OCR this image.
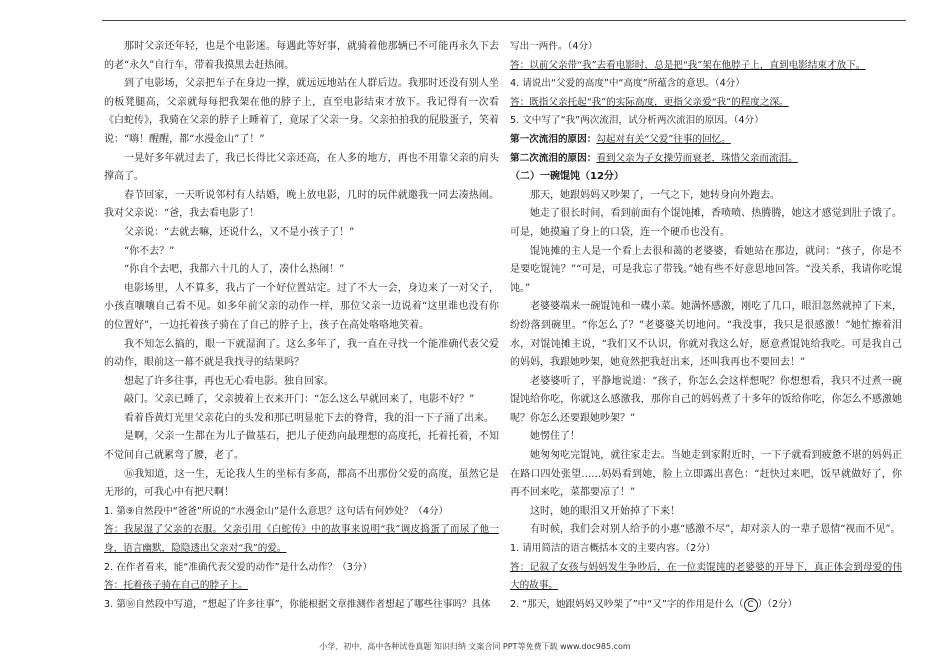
那时父亲还年轻，也是个电影迷。每遇此等好事，就骑着他那辆已不可能再永久下去的老“永久”自行车，带着我摸黑去赶热闹。

到了电影场，父亲把车子在身边一撑，就远远地站在人群后边。我那时还没有别人坐的板凳腿高，父亲就每每把我架在他的脖子上，直至电影结束才放下。我记得有一次看《白蛇传》，我骑在父亲的脖子上睡着了，竟尿了父亲一身。父亲拍拍我的屁股蛋子，笑着说：“嗨！醒醒，都“水漫金山”了！”

一晃好多年就过去了，我已长得比父亲还高，在人多的地方，再也不用靠父亲的肩头撑高了。

春节回家，一天听说邻村有人结婚，晚上放电影，几时的玩伴就邀我一同去凑热闹。我对父亲说：“爸，我去看电影了！

父亲说：“去就去嘛，还说什么，又不是小孩子了！”

“你不去？”

“你自个去吧，我都六十几的人了，凑什么热闹！”

电影场里，人不算多，我占了一个好位置站定。过了不大一会，身边来了一对父子，小孩直嚷嚷自己看不见。如多年前父亲的动作一样，那位父亲一边说着“这里谁也没有你的位置好”，一边托着孩子骑在了自己的脖子上，孩子在高处咯咯地笑着。

我不知怎么搞的，眼一下就湿润了。这么多年了，我一直在寻找一个能准确代表父爱的动作，眼前这一幕不就是我找寻的结果吗？

想起了许多往事，再也无心看电影。独自回家。

敲门。父亲已睡了，父亲披着上衣来开门：“怎么这么早就回来了，电影不好？”

看着昏黄灯光里父亲花白的头发和那已明显驼下去的脊背，我的泪一下子涌了出来。

是啊，父亲一生都在为儿子做基石，把儿子使劲向最理想的高度托，托着托着，不知不觉间自己就累弯了腰，老了。

⑯我知道，这一生，无论我人生的坐标有多高，都高不出那份父爱的高度，虽然它是无形的，可我心中有把尺啊！

1. 第⑨自然段中“爸爸”所说的“水漫金山”是什么意思？这句话有何妙处？（4分）

答：我尿湿了父亲的衣服。父亲引用《白蛇传》中的故事来说明“我”调皮捣蛋了而尿了他一身，语言幽默，隐隐透出父亲对“我”的爱。

2. 在作者看来，能“准确代表父爱的动作”是什么动作？（3分）

答：托着孩子骑在自己的脖子上。

3. 第⑯自然段中写道，“想起了许多往事”，你能根据文章推测作者想起了哪些往事吗？具体

写出一两件。（4分）

答：以前父亲带“我”去看电影时，总是把“我”架在他脖子上，直到电影结束才放下。

4. 请说出“父爱的高度”中“高度”所蕴含的意思。（4分）

答：既指父亲托起“我”的实际高度，更指父亲爱“我”的程度之深。

5. 文中写了“我”两次流泪，试分析两次流泪的原因。（4分）

第一次流泪的原因：勾起对有关“父爱”往事的回忆。

第二次流泪的原因：看到父亲为子女操劳而衰老，珠惜父亲而流泪。

（二）一碗馄饨（12分）

那天，她跟妈妈又吵架了，一气之下，她转身向外跑去。

她走了很长时间，看到前面有个馄饨摊，香喷喷、热腾腾，她这才感觉到肚子饿了。可是，她摸遍了身上的口袋，连一个硬币也没有。

馄饨摊的主人是一个看上去很和蔼的老婆婆，看她站在那边，就问：“孩子，你是不是要吃馄饨？”“可是，可是我忘了带钱。”她有些不好意思地回答。“没关系，我请你吃馄饨。”

老婆婆端来一碗馄饨和一碟小菜。她满怀感激，刚吃了几口，眼泪忽然就掉了下来，纷纷落到碗里。“你怎么了？”老婆婆关切地问。“我没事，我只是很感激！”她忙擦着泪水，对馄饨摊主说，“我们又不认识，你就对我这么好，愿意煮馄饨给我吃。可是我自己的妈妈，我跟她吵架，她竟然把我赶出来，还叫我再也不要回去！”

老婆婆听了，平静地说道：“孩子，你怎么会这样想呢？你想想看，我只不过煮一碗馄饨给你吃，你就这么感激我，那你自己的妈妈煮了十多年的饭给你吃，你怎么不感激她呢？你怎么还要跟她吵架？”

她愣住了！

她匆匆吃完馄饨，就往家走去。当她走到家附近时，一下子就看到疲惫不堪的妈妈正在路口四处张望……妈妈看到她，脸上立即露出喜色：“赶快过来吧，饭早就做好了，你再不回来吃，菜都要凉了！”

这时，她的眼泪又开始掉了下来！

有时候，我们会对别人给予的小惠“感激不尽”，却对亲人的一辈子恩情“视而不见”。

1. 请用简洁的语言概括本文的主要内容。（2分）

答：记叙了女孩与妈妈发生争吵后，在一位卖馄饨的老婆婆的开导下，真正体会到母爱的伟大的故事。

2. “那天，她跟妈妈又吵架了”中“又”字的作用是什么（ C ）（2分）

小学、初中、高中各种试卷真题 知识归纳 文案合同 PPT等免费下载 www.doc985.com
